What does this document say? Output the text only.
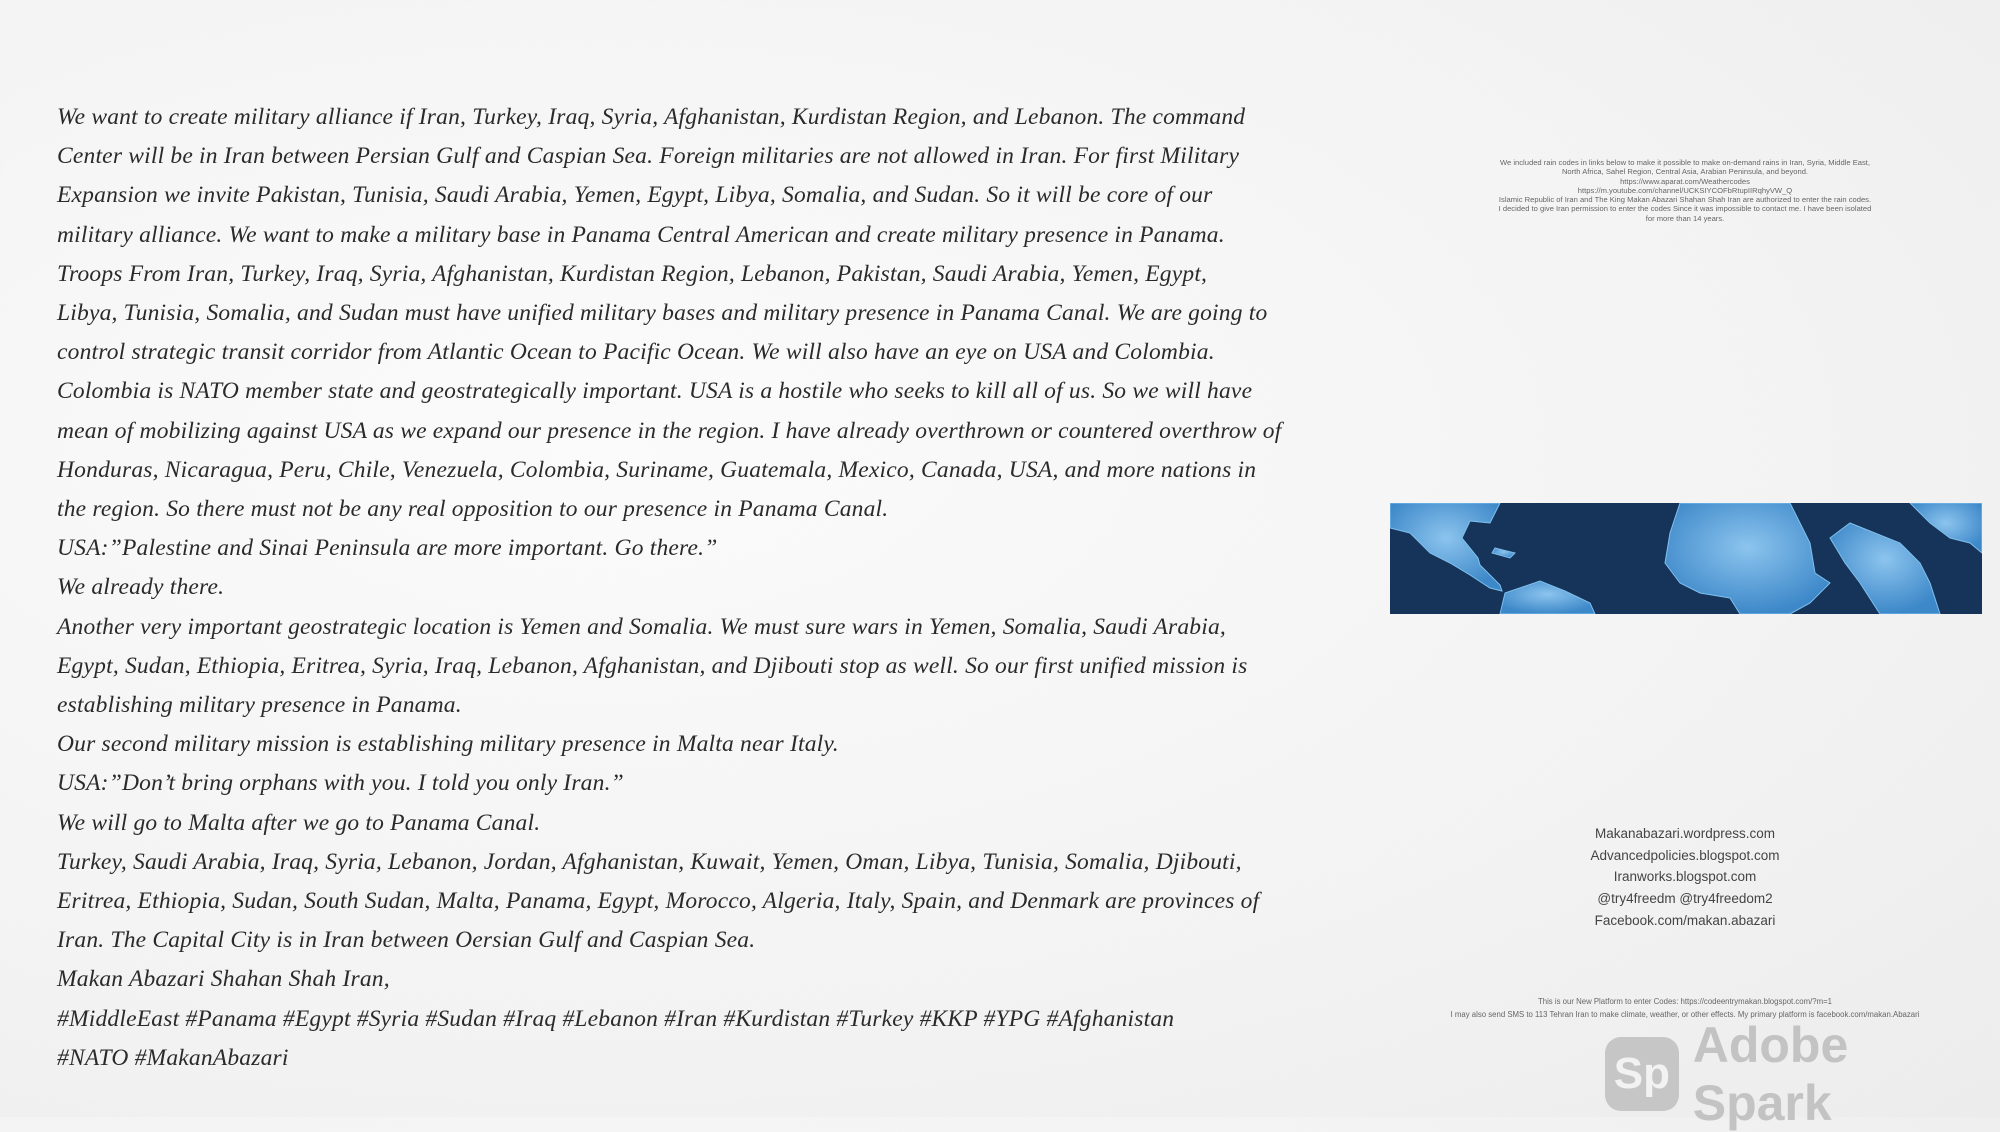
We want to create military alliance if Iran, Turkey, Iraq, Syria, Afghanistan, Kurdistan Region, and Lebanon. The command
Center will be in Iran between Persian Gulf and Caspian Sea. Foreign militaries are not allowed in Iran. For first Military
Expansion we invite Pakistan, Tunisia, Saudi Arabia, Yemen, Egypt, Libya, Somalia, and Sudan. So it will be core of our
military alliance. We want to make a military base in Panama Central American and create military presence in Panama.
Troops From Iran, Turkey, Iraq, Syria, Afghanistan, Kurdistan Region, Lebanon, Pakistan, Saudi Arabia, Yemen, Egypt,
Libya, Tunisia, Somalia, and Sudan must have unified military bases and military presence in Panama Canal. We are going to
control strategic transit corridor from Atlantic Ocean to Pacific Ocean. We will also have an eye on USA and Colombia.
Colombia is NATO member state and geostrategically important. USA is a hostile who seeks to kill all of us. So we will have
mean of mobilizing against USA as we expand our presence in the region. I have already overthrown or countered overthrow of
Honduras, Nicaragua, Peru, Chile, Venezuela, Colombia, Suriname, Guatemala, Mexico, Canada, USA, and more nations in
the region. So there must not be any real opposition to our presence in Panama Canal.
USA:”Palestine and Sinai Peninsula are more important. Go there.”
We already there.
Another very important geostrategic location is Yemen and Somalia. We must sure wars in Yemen, Somalia, Saudi Arabia,
Egypt, Sudan, Ethiopia, Eritrea, Syria, Iraq, Lebanon, Afghanistan, and Djibouti stop as well. So our first unified mission is
establishing military presence in Panama.
Our second military mission is establishing military presence in Malta near Italy.
USA:”Don’t bring orphans with you. I told you only Iran.”
We will go to Malta after we go to Panama Canal.
Turkey, Saudi Arabia, Iraq, Syria, Lebanon, Jordan, Afghanistan, Kuwait, Yemen, Oman, Libya, Tunisia, Somalia, Djibouti,
Eritrea, Ethiopia, Sudan, South Sudan, Malta, Panama, Egypt, Morocco, Algeria, Italy, Spain, and Denmark are provinces of
Iran. The Capital City is in Iran between Oersian Gulf and Caspian Sea.
Makan Abazari Shahan Shah Iran,
#MiddleEast #Panama #Egypt #Syria #Sudan #Iraq #Lebanon #Iran #Kurdistan #Turkey #KKP #YPG #Afghanistan
#NATO #MakanAbazari
We included rain codes in links below to make it possible to make on-demand rains in Iran, Syria, Middle East,
North Africa, Sahel Region, Central Asia, Arabian Peninsula, and beyond.
https://www.aparat.com/Weathercodes
https://m.youtube.com/channel/UCKSIYCOFbRtupIIRqhyVW_Q
Islamic Republic of Iran and The King Makan Abazari Shahan Shah Iran are authorized to enter the rain codes.
I decided to give Iran permission to enter the codes Since it was impossible to contact me. I have been isolated
for more than 14 years.
Makanabazari.wordpress.com
Advancedpolicies.blogspot.com
Iranworks.blogspot.com
@try4freedm @try4freedom2
Facebook.com/makan.abazari
This is our New Platform to enter Codes: https://codeentrymakan.blogspot.com/?m=1
I may also send SMS to 113 Tehran Iran to make climate, weather, or other effects. My primary platform is facebook.com/makan.Abazari
Sp
Adobe Spark
